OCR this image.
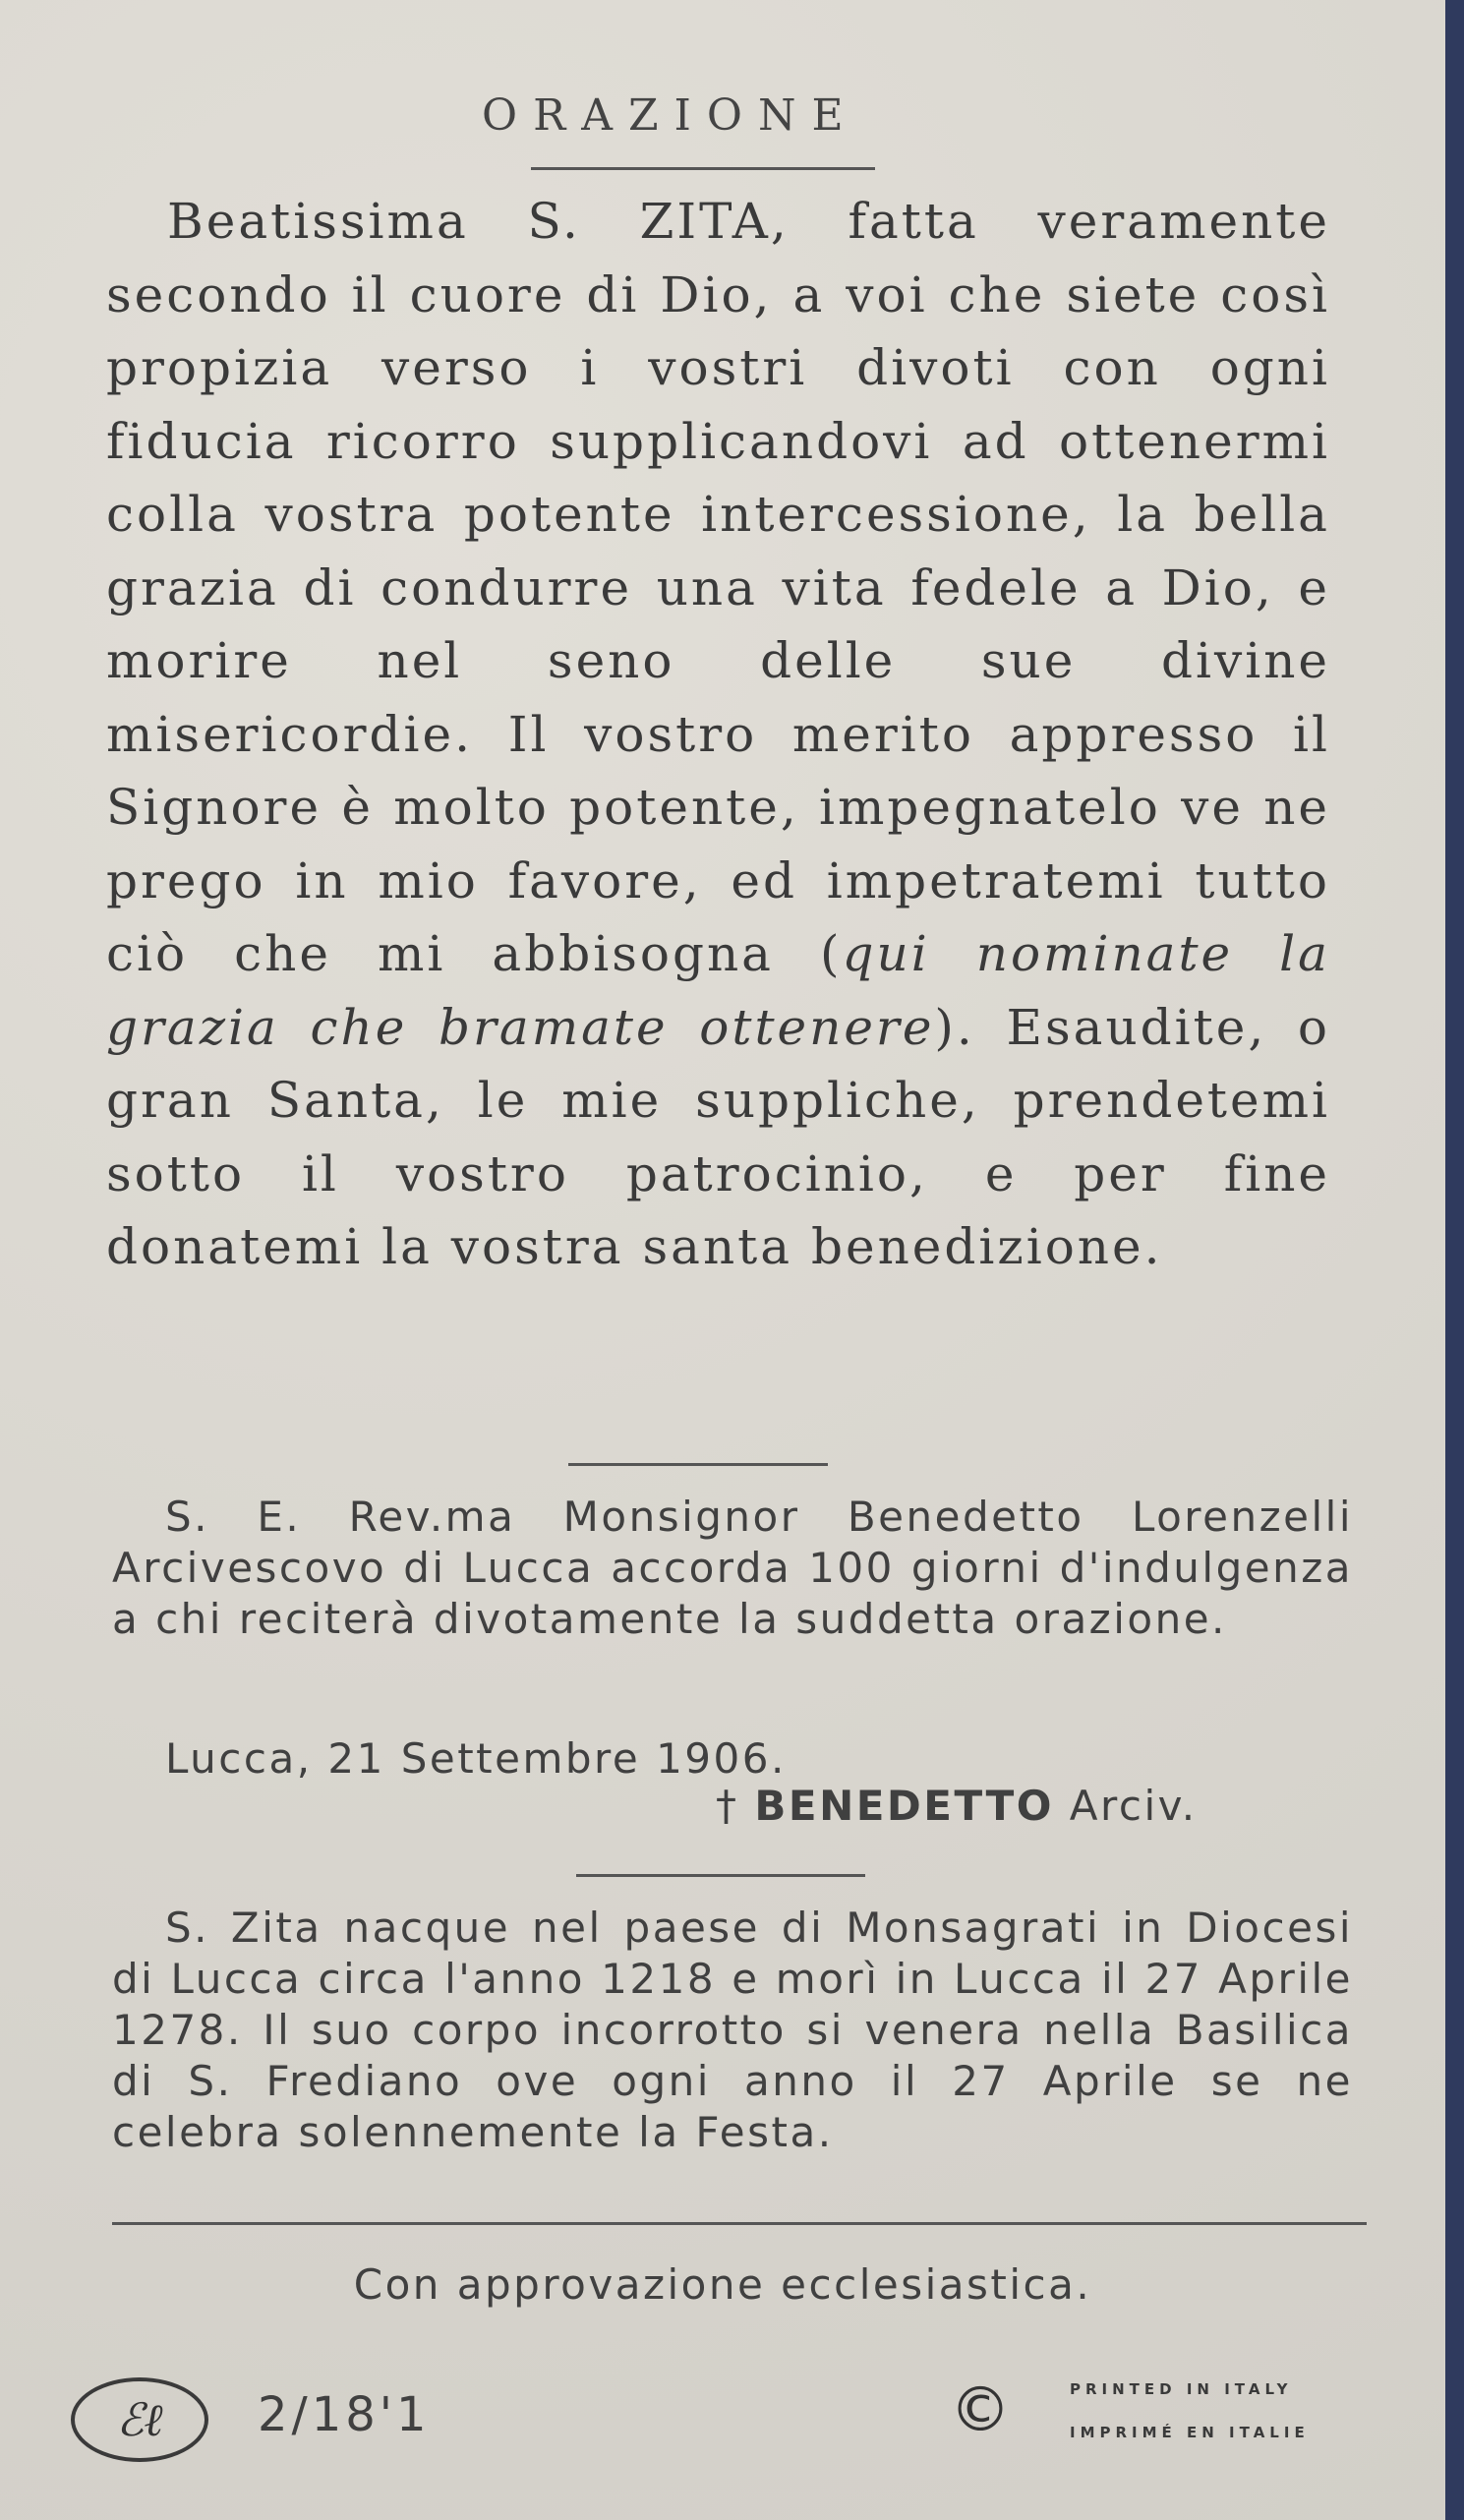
ORAZIONE
Beatissima S. ZITA, fatta veramente secondo il cuore di Dio, a voi che siete così propizia verso i vostri divoti con ogni fiducia ricorro supplicandovi ad ottenermi colla vostra potente intercessione, la bella grazia di condurre una vita fedele a Dio, e morire nel seno delle sue divine misericordie. Il vostro merito appresso il Signore è molto potente, impegnatelo ve ne prego in mio favore, ed impetratemi tutto ciò che mi abbisogna (qui nominate la grazia che bramate ottenere). Esaudite, o gran Santa, le mie suppliche, prendetemi sotto il vostro patrocinio, e per fine donatemi la vostra santa benedizione.
S. E. Rev.ma Monsignor Benedetto Lorenzelli Arcivescovo di Lucca accorda 100 giorni d'indulgenza a chi reciterà divotamente la suddetta orazione.
Lucca, 21 Settembre 1906.
† BENEDETTO Arciv.
S. Zita nacque nel paese di Monsagrati in Diocesi di Lucca circa l'anno 1218 e morì in Lucca il 27 Aprile 1278. Il suo corpo incorrotto si venera nella Basilica di S. Frediano ove ogni anno il 27 Aprile se ne celebra solennemente la Festa.
Con approvazione ecclesiastica.
ℰℓ	2/18'1	©	PRINTED IN ITALY
IMPRIMÉ EN ITALIE
